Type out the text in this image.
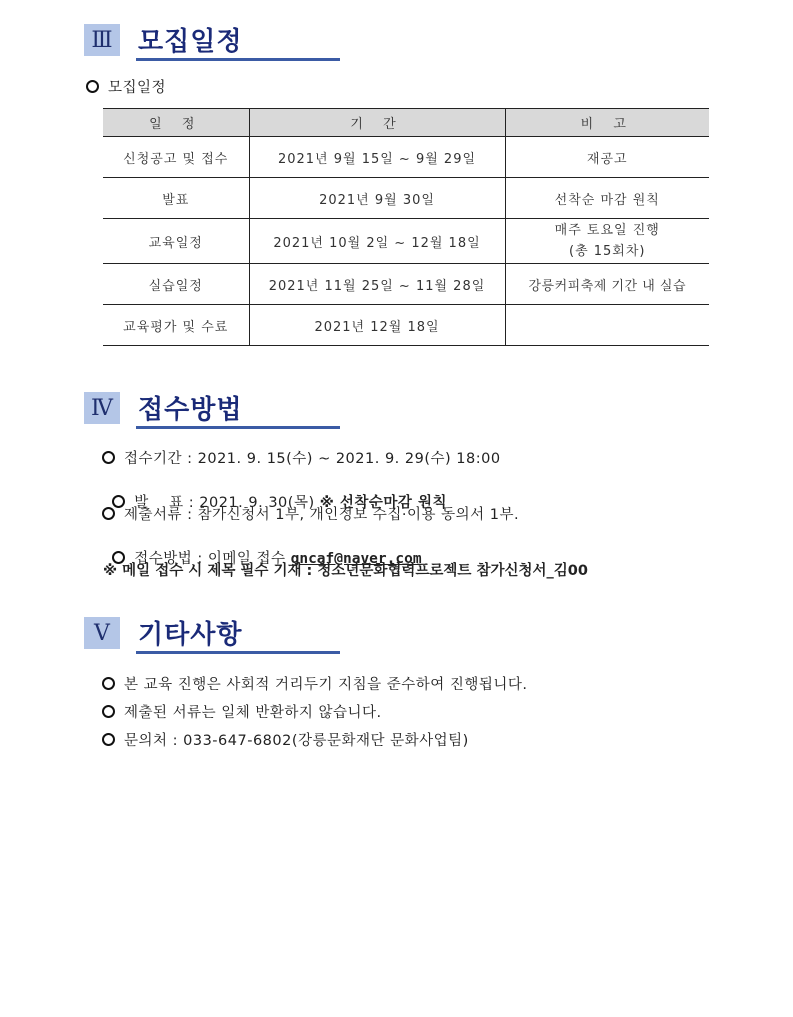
Ⅲ 모집일정
모집일정
일 정	기 간	비 고
신청공고 및 접수	2021년 9월 15일 ~ 9월 29일	재공고
발표	2021년 9월 30일	선착순 마감 원칙
교육일정	2021년 10월 2일 ~ 12월 18일	매주 토요일 진행
(총 15회차)

실습일정	2021년 11월 25일 ~ 11월 28일	강릉커피축제 기간 내 실습
교육평가 및 수료	2021년 12월 18일	
Ⅳ 접수방법
접수기간 : 2021. 9. 15(수) ~ 2021. 9. 29(수) 18:00

발    표 : 2021. 9. 30(목) ※ 선착순마감 원칙

제출서류 : 참가신청서 1부, 개인정보 수집·이용 동의서 1부.

접수방법 : 이메일 접수 gncaf@naver.com

※ 메일 접수 시 제목 필수 기재 : 청소년문화협력프로젝트 참가신청서_김00
Ⅴ	기타사항
본 교육 진행은 사회적 거리두기 지침을 준수하여 진행됩니다.
제출된 서류는 일체 반환하지 않습니다.
문의처 : 033-647-6802(강릉문화재단 문화사업팀)
